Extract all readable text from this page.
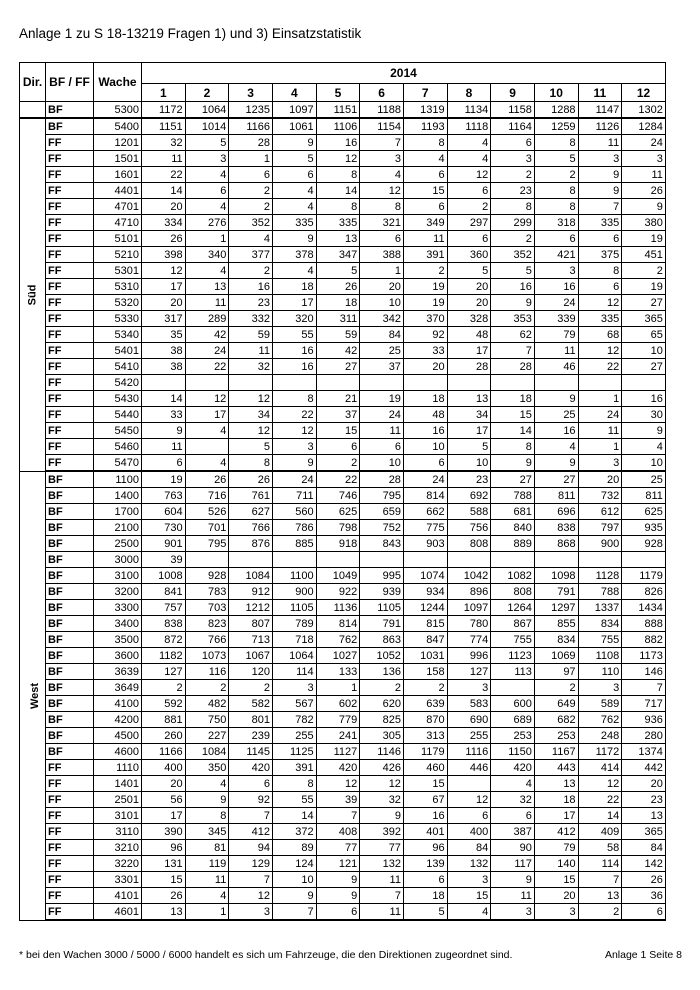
Anlage 1 zu S 18-13219 Fragen 1) und 3) Einsatzstatistik
Dir.	BF / FF	Wache	2014											
			1	2	3	4	5	6	7	8	9	10	11	12
	BF	5300	1172	1064	1235	1097	1151	1188	1319	1134	1158	1288	1147	1302
Süd	BF	5400	1151	1014	1166	1061	1106	1154	1193	1118	1164	1259	1126	1284
	FF	1201	32	5	28	9	16	7	8	4	6	8	11	24
	FF	1501	11	3	1	5	12	3	4	4	3	5	3	3
	FF	1601	22	4	6	6	8	4	6	12	2	2	9	11
	FF	4401	14	6	2	4	14	12	15	6	23	8	9	26
	FF	4701	20	4	2	4	8	8	6	2	8	8	7	9
	FF	4710	334	276	352	335	335	321	349	297	299	318	335	380
	FF	5101	26	1	4	9	13	6	11	6	2	6	6	19
	FF	5210	398	340	377	378	347	388	391	360	352	421	375	451
	FF	5301	12	4	2	4	5	1	2	5	5	3	8	2
	FF	5310	17	13	16	18	26	20	19	20	16	16	6	19
	FF	5320	20	11	23	17	18	10	19	20	9	24	12	27
	FF	5330	317	289	332	320	311	342	370	328	353	339	335	365
	FF	5340	35	42	59	55	59	84	92	48	62	79	68	65
	FF	5401	38	24	11	16	42	25	33	17	7	11	12	10
	FF	5410	38	22	32	16	27	37	20	28	28	46	22	27
	FF	5420												
	FF	5430	14	12	12	8	21	19	18	13	18	9	1	16
	FF	5440	33	17	34	22	37	24	48	34	15	25	24	30
	FF	5450	9	4	12	12	15	11	16	17	14	16	11	9
	FF	5460	11		5	3	6	6	10	5	8	4	1	4
	FF	5470	6	4	8	9	2	10	6	10	9	9	3	10
West	BF	1100	19	26	26	24	22	28	24	23	27	27	20	25
	BF	1400	763	716	761	711	746	795	814	692	788	811	732	811
	BF	1700	604	526	627	560	625	659	662	588	681	696	612	625
	BF	2100	730	701	766	786	798	752	775	756	840	838	797	935
	BF	2500	901	795	876	885	918	843	903	808	889	868	900	928
	BF	3000	39											
	BF	3100	1008	928	1084	1100	1049	995	1074	1042	1082	1098	1128	1179
	BF	3200	841	783	912	900	922	939	934	896	808	791	788	826
	BF	3300	757	703	1212	1105	1136	1105	1244	1097	1264	1297	1337	1434
	BF	3400	838	823	807	789	814	791	815	780	867	855	834	888
	BF	3500	872	766	713	718	762	863	847	774	755	834	755	882
	BF	3600	1182	1073	1067	1064	1027	1052	1031	996	1123	1069	1108	1173
	BF	3639	127	116	120	114	133	136	158	127	113	97	110	146
	BF	3649	2	2	2	3	1	2	2	3		2	3	7
	BF	4100	592	482	582	567	602	620	639	583	600	649	589	717
	BF	4200	881	750	801	782	779	825	870	690	689	682	762	936
	BF	4500	260	227	239	255	241	305	313	255	253	253	248	280
	BF	4600	1166	1084	1145	1125	1127	1146	1179	1116	1150	1167	1172	1374
	FF	1110	400	350	420	391	420	426	460	446	420	443	414	442
	FF	1401	20	4	6	8	12	12	15		4	13	12	20
	FF	2501	56	9	92	55	39	32	67	12	32	18	22	23
	FF	3101	17	8	7	14	7	9	16	6	6	17	14	13
	FF	3110	390	345	412	372	408	392	401	400	387	412	409	365
	FF	3210	96	81	94	89	77	77	96	84	90	79	58	84
	FF	3220	131	119	129	124	121	132	139	132	117	140	114	142
	FF	3301	15	11	7	10	9	11	6	3	9	15	7	26
	FF	4101	26	4	12	9	9	7	18	15	11	20	13	36
	FF	4601	13	1	3	7	6	11	5	4	3	3	2	6
* bei den Wachen 3000 / 5000 / 6000 handelt es sich um Fahrzeuge, die den Direktionen zugeordnet sind.	Anlage 1 Seite 8
